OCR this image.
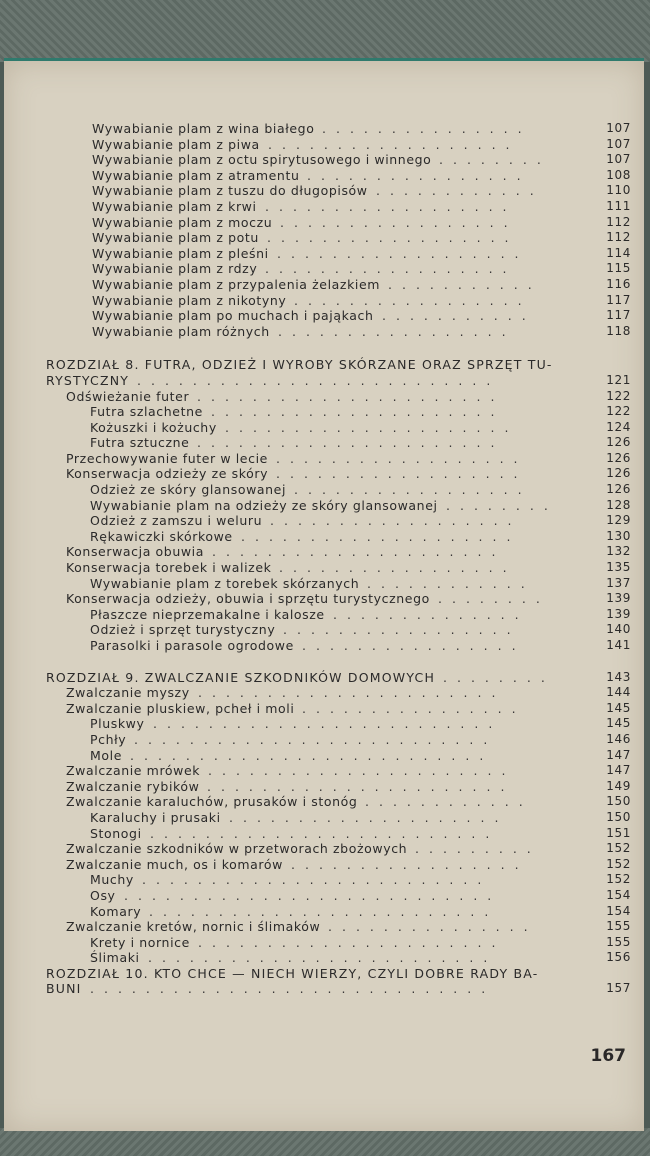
Wywabianie plam z wina białego ...............	107
Wywabianie plam z piwa ..................	107
Wywabianie plam z octu spirytusowego i winnego ........	107
Wywabianie plam z atramentu ................	108
Wywabianie plam z tuszu do długopisów ............	110
Wywabianie plam z krwi ..................	111
Wywabianie plam z moczu .................	112
Wywabianie plam z potu ..................	112
Wywabianie plam z pleśni ..................	114
Wywabianie plam z rdzy ..................	115
Wywabianie plam z przypalenia żelazkiem ...........	116
Wywabianie plam z nikotyny .................	117
Wywabianie plam po muchach i pająkach ...........	117
Wywabianie plam różnych .................	118
ROZDZIAŁ 8. FUTRA, ODZIEŻ I WYROBY SKÓRZANE ORAZ SPRZĘT TU-
RYSTYCZNY ..........................	121
Odświeżanie futer ......................	122
Futra szlachetne .....................	122
Kożuszki i kożuchy .....................	124
Futra sztuczne ......................	126
Przechowywanie futer w lecie ..................	126
Konserwacja odzieży ze skóry ..................	126
Odzież ze skóry glansowanej .................	126
Wywabianie plam na odzieży ze skóry glansowanej ........	128
Odzież z zamszu i weluru ..................	129
Rękawiczki skórkowe ....................	130
Konserwacja obuwia .....................	132
Konserwacja torebek i walizek .................	135
Wywabianie plam z torebek skórzanych ............	137
Konserwacja odzieży, obuwia i sprzętu turystycznego ........	139
Płaszcze nieprzemakalne i kalosze ..............	139
Odzież i sprzęt turystyczny .................	140
Parasolki i parasole ogrodowe ................	141
ROZDZIAŁ 9. ZWALCZANIE SZKODNIKÓW DOMOWYCH ........	143
Zwalczanie myszy ......................	144
Zwalczanie pluskiew, pcheł i moli ................	145
Pluskwy .........................	145
Pchły ..........................	146
Mole ..........................	147
Zwalczanie mrówek ......................	147
Zwalczanie rybików ......................	149
Zwalczanie karaluchów, prusaków i stonóg ............	150
Karaluchy i prusaki ....................	150
Stonogi .........................	151
Zwalczanie szkodników w przetworach zbożowych .........	152
Zwalczanie much, os i komarów .................	152
Muchy .........................	152
Osy ...........................	154
Komary .........................	154
Zwalczanie kretów, nornic i ślimaków ...............	155
Krety i nornice ......................	155
Ślimaki .........................	156
ROZDZIAŁ 10. KTO CHCE — NIECH WIERZY, CZYLI DOBRE RADY BA-
BUNI .............................	157
167
